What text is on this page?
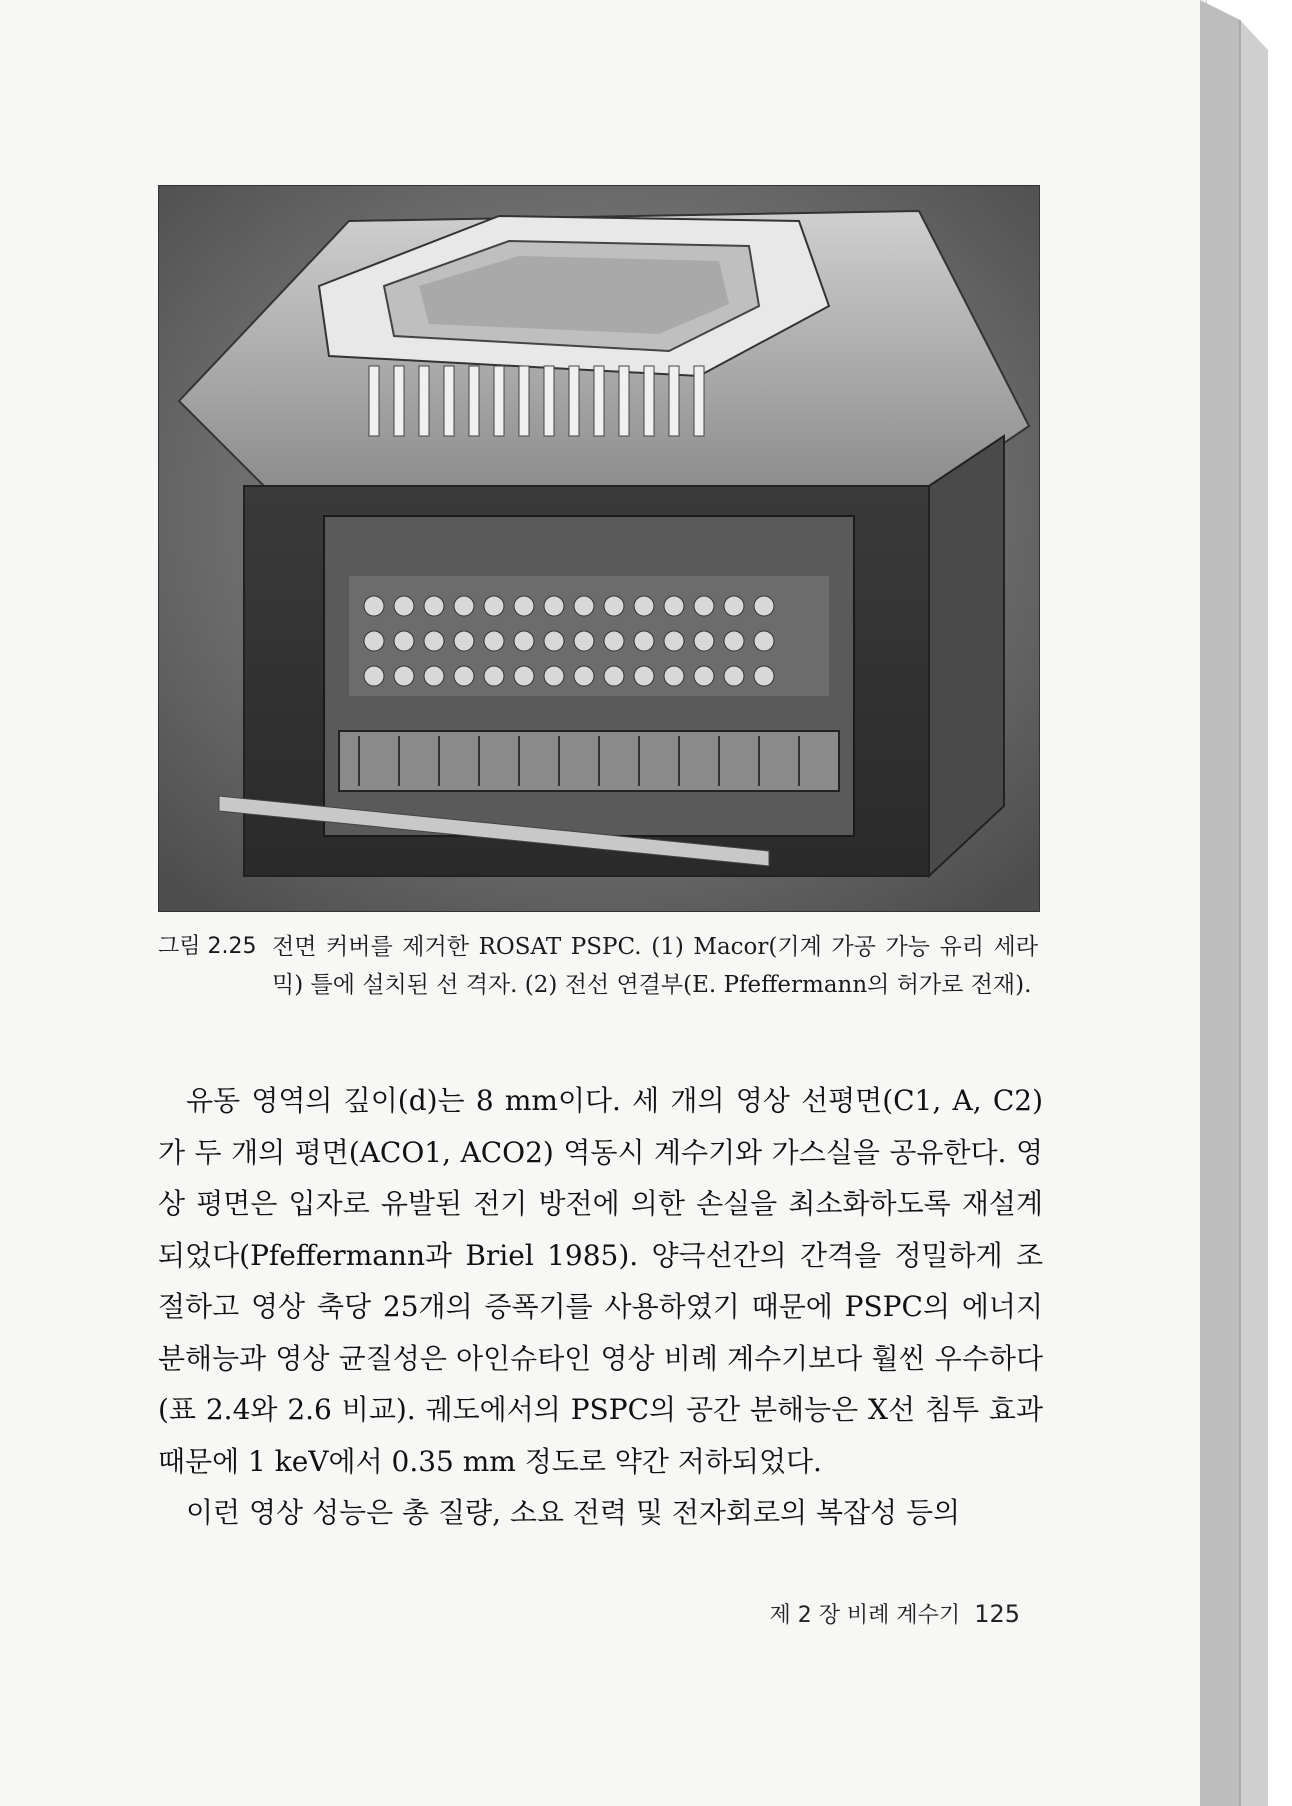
그림 2.25 전면 커버를 제거한 ROSAT PSPC. (1) Macor(기계 가공 가능 유리 세라믹) 틀에 설치된 선 격자. (2) 전선 연결부(E. Pfeffermann의 허가로 전재).

유동 영역의 깊이(d)는 8 mm이다. 세 개의 영상 선평면(C1, A, C2)가 두 개의 평면(ACO1, ACO2) 역동시 계수기와 가스실을 공유한다. 영상 평면은 입자로 유발된 전기 방전에 의한 손실을 최소화하도록 재설계되었다(Pfeffermann과 Briel 1985). 양극선간의 간격을 정밀하게 조절하고 영상 축당 25개의 증폭기를 사용하였기 때문에 PSPC의 에너지 분해능과 영상 균질성은 아인슈타인 영상 비례 계수기보다 훨씬 우수하다(표 2.4와 2.6 비교). 궤도에서의 PSPC의 공간 분해능은 X선 침투 효과 때문에 1 keV에서 0.35 mm 정도로 약간 저하되었다.

이런 영상 성능은 총 질량, 소요 전력 및 전자회로의 복잡성 등의

제 2 장 비례 계수기 125
